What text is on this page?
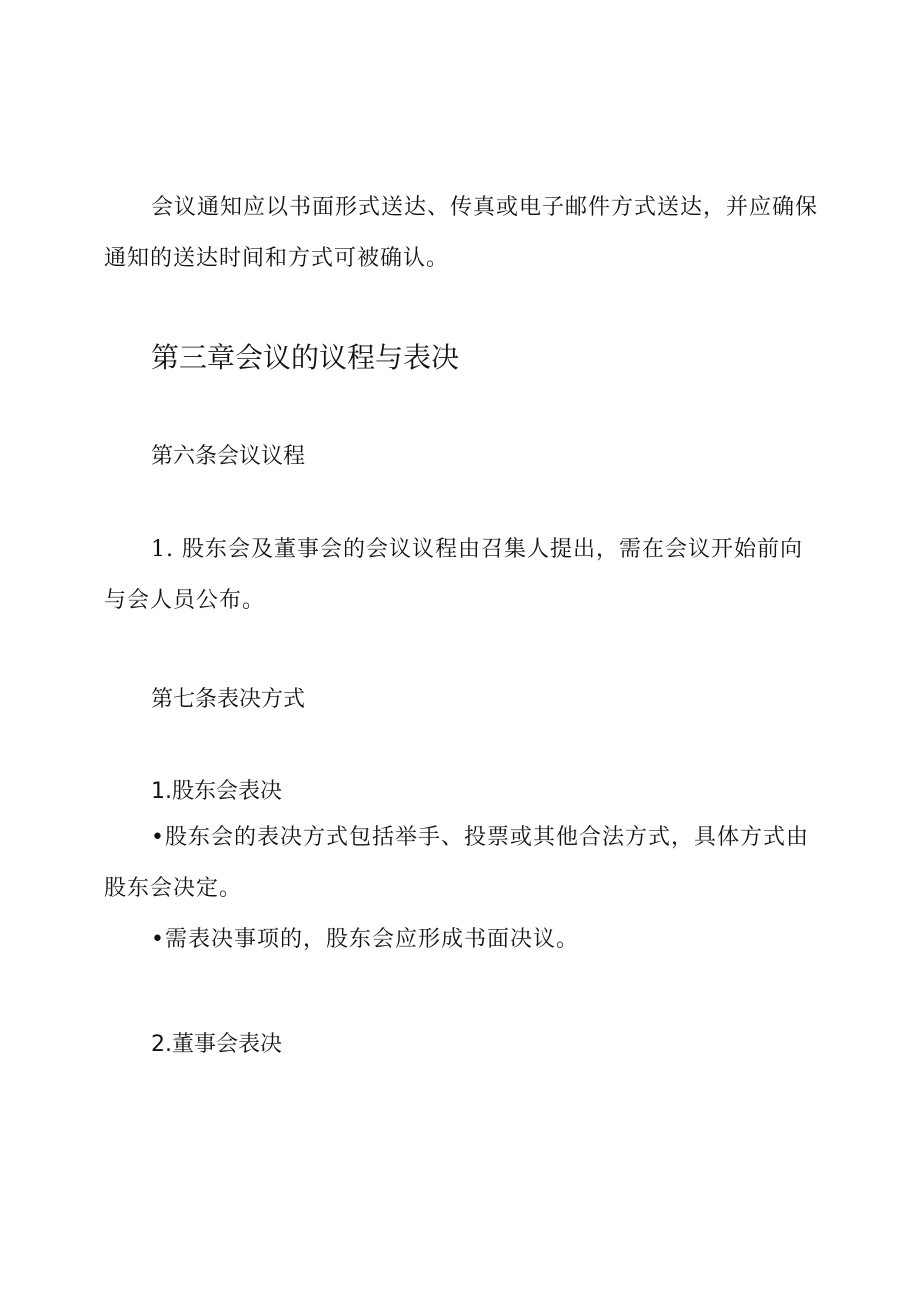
会议通知应以书面形式送达、传真或电子邮件方式送达，并应确保
通知的送达时间和方式可被确认。
第三章会议的议程与表决
第六条会议议程
1. 股东会及董事会的会议议程由召集人提出，需在会议开始前向
与会人员公布。
第七条表决方式
1.股东会表决
•股东会的表决方式包括举手、投票或其他合法方式，具体方式由
股东会决定。
•需表决事项的，股东会应形成书面决议。
2.董事会表决
